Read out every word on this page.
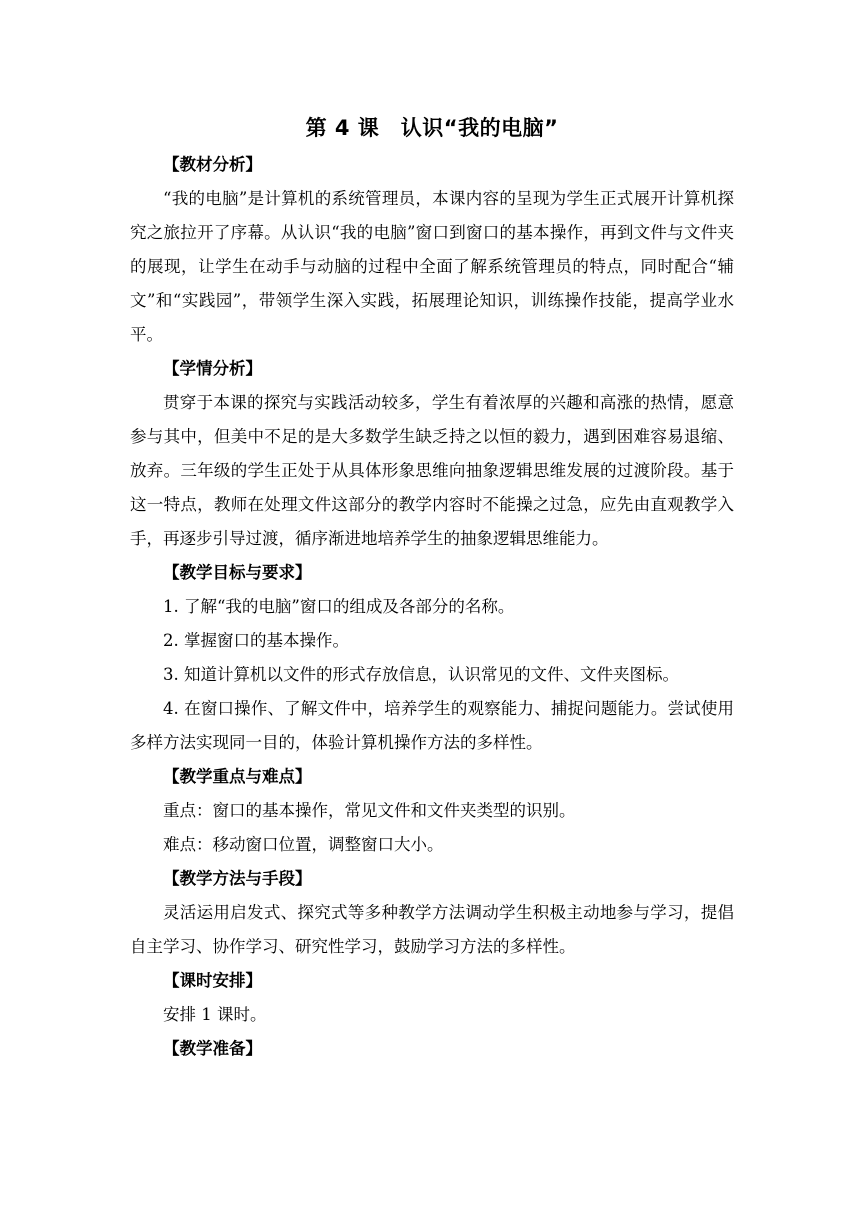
第 4 课　认识“我的电脑”

【教材分析】

“我的电脑”是计算机的系统管理员，本课内容的呈现为学生正式展开计算机探究之旅拉开了序幕。从认识“我的电脑”窗口到窗口的基本操作，再到文件与文件夹的展现，让学生在动手与动脑的过程中全面了解系统管理员的特点，同时配合“辅文”和“实践园”，带领学生深入实践，拓展理论知识，训练操作技能，提高学业水平。

【学情分析】

贯穿于本课的探究与实践活动较多，学生有着浓厚的兴趣和高涨的热情，愿意参与其中，但美中不足的是大多数学生缺乏持之以恒的毅力，遇到困难容易退缩、放弃。三年级的学生正处于从具体形象思维向抽象逻辑思维发展的过渡阶段。基于这一特点，教师在处理文件这部分的教学内容时不能操之过急，应先由直观教学入手，再逐步引导过渡，循序渐进地培养学生的抽象逻辑思维能力。

【教学目标与要求】

1. 了解“我的电脑”窗口的组成及各部分的名称。

2. 掌握窗口的基本操作。

3. 知道计算机以文件的形式存放信息，认识常见的文件、文件夹图标。

4. 在窗口操作、了解文件中，培养学生的观察能力、捕捉问题能力。尝试使用多样方法实现同一目的，体验计算机操作方法的多样性。

【教学重点与难点】

重点：窗口的基本操作，常见文件和文件夹类型的识别。

难点：移动窗口位置，调整窗口大小。

【教学方法与手段】

灵活运用启发式、探究式等多种教学方法调动学生积极主动地参与学习，提倡自主学习、协作学习、研究性学习，鼓励学习方法的多样性。

【课时安排】

安排 1 课时。

【教学准备】
